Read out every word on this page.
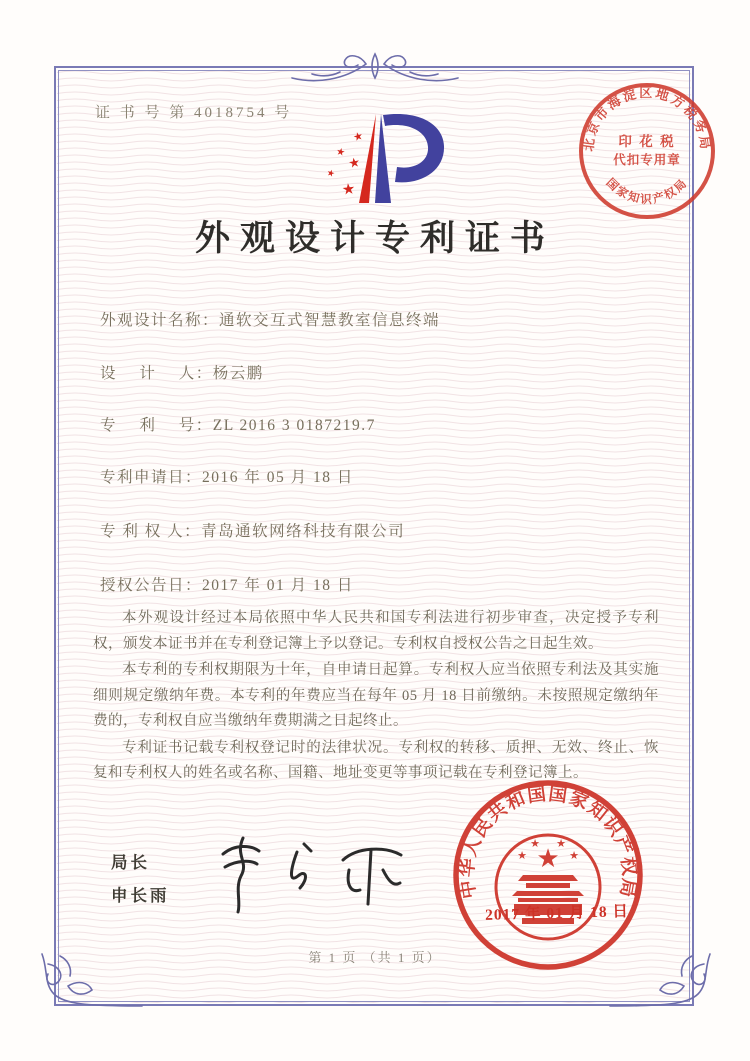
证 书 号 第 4018754 号
北京市海淀区地方税务局
印 花 税
代扣专用章
国家知识产权局
★
★
★
★
★
外观设计专利证书
外观设计名称：通软交互式智慧教室信息终端
设　 计　 人：杨云鹏
专　 利　 号：ZL 2016 3 0187219.7
专利申请日：2016 年 05 月 18 日
专 利 权 人：青岛通软网络科技有限公司
授权公告日：2017 年 01 月 18 日

本外观设计经过本局依照中华人民共和国专利法进行初步审查，决定授予专利权，颁发本证书并在专利登记簿上予以登记。专利权自授权公告之日起生效。

本专利的专利权期限为十年，自申请日起算。专利权人应当依照专利法及其实施细则规定缴纳年费。本专利的年费应当在每年 05 月 18 日前缴纳。未按照规定缴纳年费的，专利权自应当缴纳年费期满之日起终止。

专利证书记载专利权登记时的法律状况。专利权的转移、质押、无效、终止、恢复和专利权人的姓名或名称、国籍、地址变更等事项记载在专利登记簿上。

局长
申长雨	中华人民共和国国家知识产权局
★
★
★ ★
★
2017 年 01 月 18 日
第 1 页 （共 1 页）
